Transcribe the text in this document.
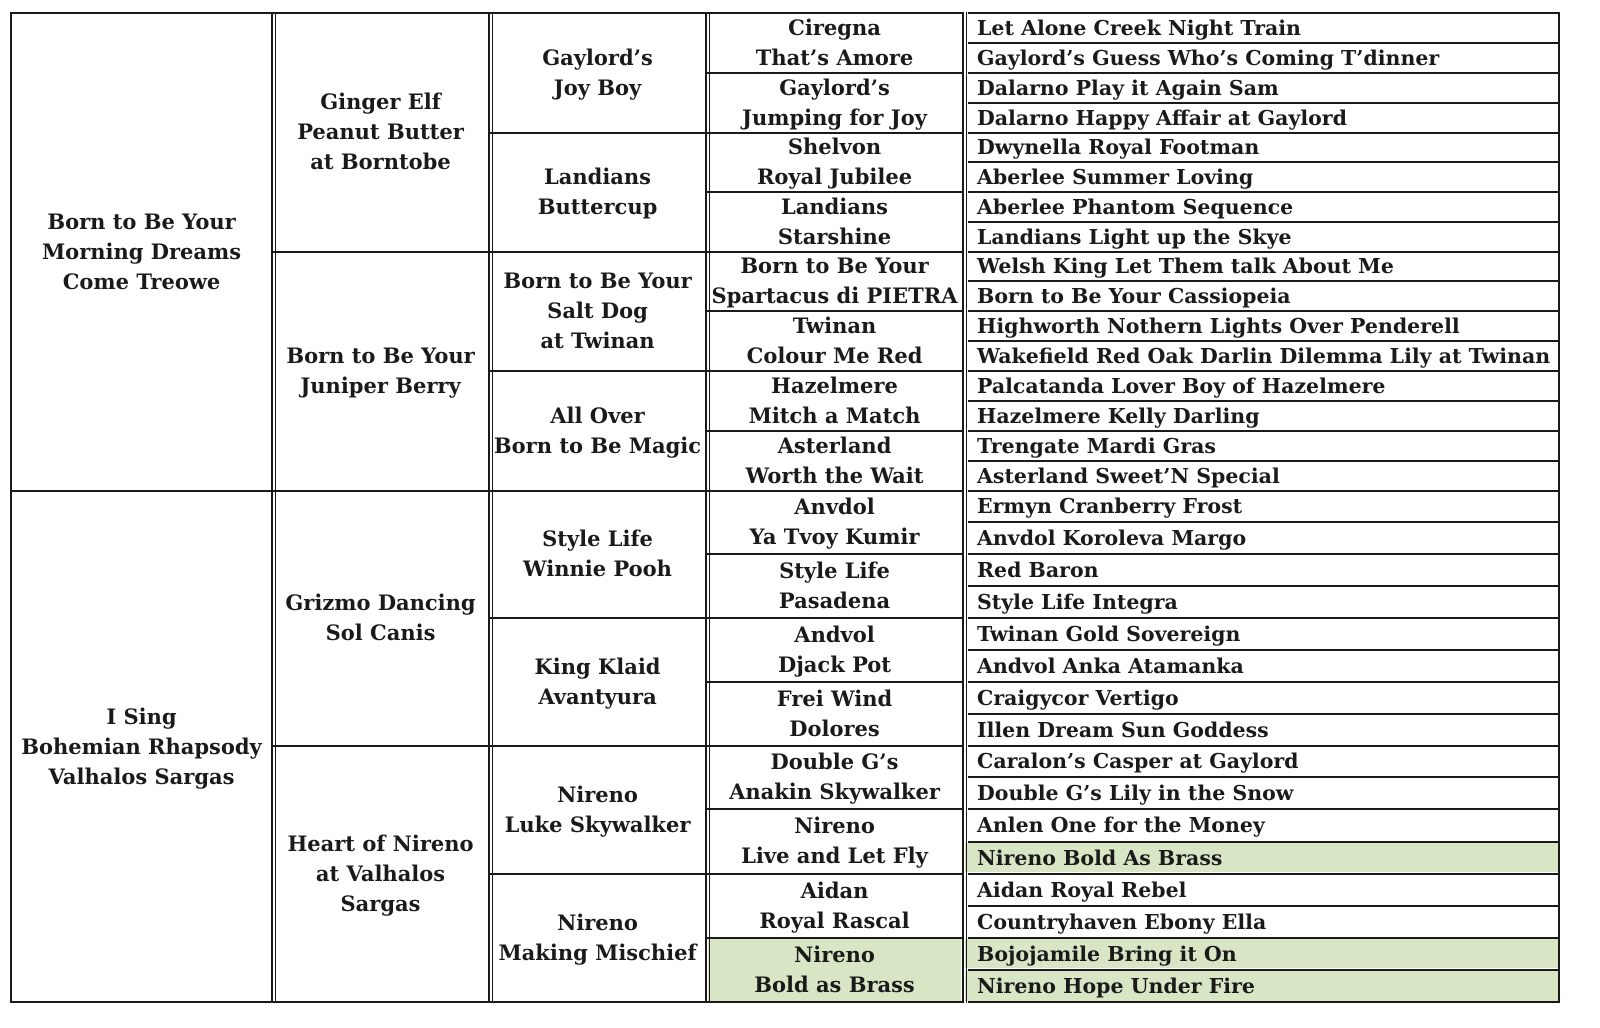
Born to Be Your
Morning Dreams
Come Treowe
I Sing
Bohemian Rhapsody
Valhalos Sargas
Ginger Elf
Peanut Butter
at Borntobe
Born to Be Your
Juniper Berry
Grizmo Dancing
Sol Canis
Heart of Nireno
at Valhalos
Sargas
Gaylord’s
Joy Boy
Landians
Buttercup
Born to Be Your
Salt Dog
at Twinan
All Over
Born to Be Magic
Style Life
Winnie Pooh
King Klaid
Avantyura
Nireno
Luke Skywalker
Nireno
Making Mischief
Ciregna
That’s Amore
Gaylord’s
Jumping for Joy
Shelvon
Royal Jubilee
Landians
Starshine
Born to Be Your
Spartacus di PIETRA
Twinan
Colour Me Red
Hazelmere
Mitch a Match
Asterland
Worth the Wait
Anvdol
Ya Tvoy Kumir
Style Life
Pasadena
Andvol
Djack Pot
Frei Wind
Dolores
Double G’s
Anakin Skywalker
Nireno
Live and Let Fly
Aidan
Royal Rascal
Nireno
Bold as Brass
Let Alone Creek Night Train
Gaylord’s Guess Who’s Coming T’dinner
Dalarno Play it Again Sam
Dalarno Happy Affair at Gaylord
Dwynella Royal Footman
Aberlee Summer Loving
Aberlee Phantom Sequence
Landians Light up the Skye
Welsh King Let Them talk About Me
Born to Be Your Cassiopeia
Highworth Nothern Lights Over Penderell
Wakefield Red Oak Darlin Dilemma Lily at Twinan
Palcatanda Lover Boy of Hazelmere
Hazelmere Kelly Darling
Trengate Mardi Gras
Asterland Sweet’N Special
Ermyn Cranberry Frost
Anvdol Koroleva Margo
Red Baron
Style Life Integra
Twinan Gold Sovereign
Andvol Anka Atamanka
Craigycor Vertigo
Illen Dream Sun Goddess
Caralon’s Casper at Gaylord
Double G’s Lily in the Snow
Anlen One for the Money
Nireno Bold As Brass
Aidan Royal Rebel
Countryhaven Ebony Ella
Bojojamile Bring it On
Nireno Hope Under Fire
